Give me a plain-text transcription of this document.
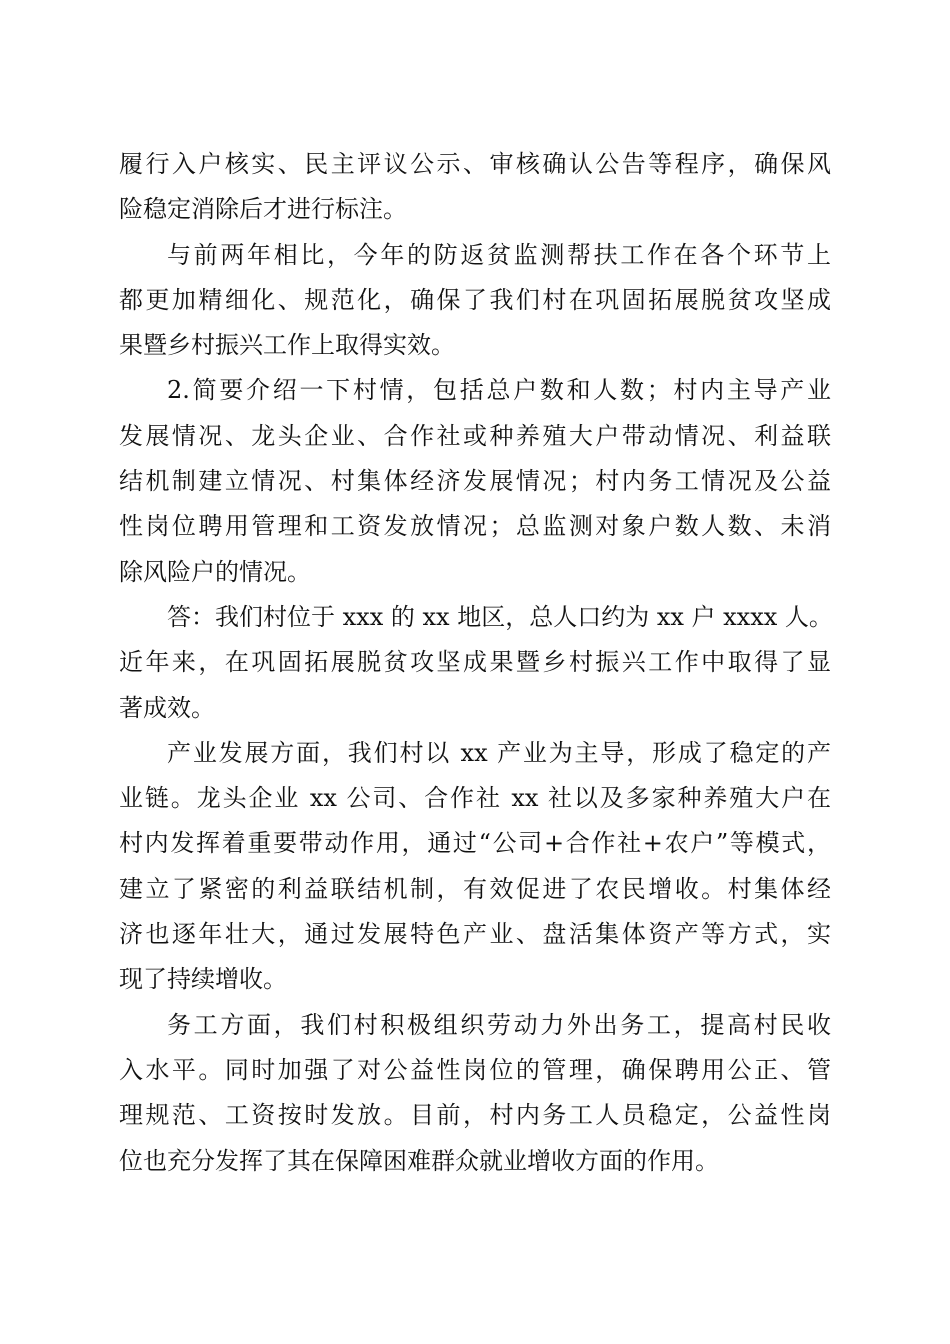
履行入户核实、民主评议公示、审核确认公告等程序，确保风
险稳定消除后才进行标注。
与前两年相比，今年的防返贫监测帮扶工作在各个环节上
都更加精细化、规范化，确保了我们村在巩固拓展脱贫攻坚成
果暨乡村振兴工作上取得实效。
2.简要介绍一下村情，包括总户数和人数；村内主导产业
发展情况、龙头企业、合作社或种养殖大户带动情况、利益联
结机制建立情况、村集体经济发展情况；村内务工情况及公益
性岗位聘用管理和工资发放情况；总监测对象户数人数、未消
除风险户的情况。
答：我们村位于 xxx 的 xx 地区，总人口约为 xx 户 xxxx 人。
近年来，在巩固拓展脱贫攻坚成果暨乡村振兴工作中取得了显
著成效。
产业发展方面，我们村以 xx 产业为主导，形成了稳定的产
业链。龙头企业 xx 公司、合作社 xx 社以及多家种养殖大户在
村内发挥着重要带动作用，通过“公司+合作社+农户”等模式，
建立了紧密的利益联结机制，有效促进了农民增收。村集体经
济也逐年壮大，通过发展特色产业、盘活集体资产等方式，实
现了持续增收。
务工方面，我们村积极组织劳动力外出务工，提高村民收
入水平。同时加强了对公益性岗位的管理，确保聘用公正、管
理规范、工资按时发放。目前，村内务工人员稳定，公益性岗
位也充分发挥了其在保障困难群众就业增收方面的作用。
